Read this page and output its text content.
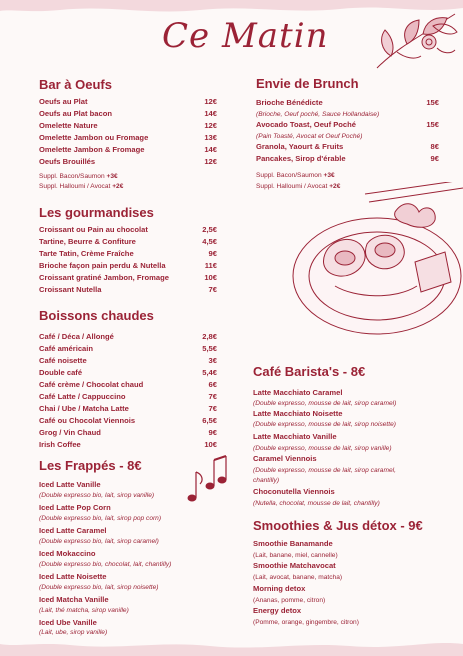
Ce Matin
Bar à Oeufs
Oeufs au Plat	12€
Oeufs au Plat bacon	14€
Omelette Nature	12€
Omelette Jambon ou Fromage	13€
Omelette Jambon & Fromage	14€
Oeufs Brouillés	12€
Suppl. Bacon/Saumon +3€
Suppl. Halloumi / Avocat +2€
Les gourmandises
Croissant ou Pain au chocolat	2,5€
Tartine, Beurre & Confiture	4,5€
Tarte Tatin, Crème Fraîche	9€
Brioche façon pain perdu & Nutella	11€
Croissant gratiné Jambon, Fromage	10€
Croissant Nutella	7€
Boissons chaudes
Café / Déca / Allongé	2,8€
Café américain	5,5€
Café noisette	3€
Double café	5,4€
Café crème / Chocolat chaud	6€
Café Latte / Cappuccino	7€
Chai / Ube / Matcha Latte	7€
Café ou Chocolat Viennois	6,5€
Grog / Vin Chaud	9€
Irish Coffee	10€
Les Frappés - 8€
Iced Latte Vanille
(Double expresso bio, lait, sirop vanille)
Iced Latte Pop Corn
(Double expresso bio, lait, sirop pop corn)
Iced Latte Caramel
(Double expresso bio, lait, sirop caramel)
Iced Mokaccino
(Double expresso bio, chocolat, lait, chantilly)
Iced Latte Noisette
(Double expresso bio, lait, sirop noisette)
Iced Matcha Vanille
(Lait, thé matcha, sirop vanille)
Iced Ube Vanille
(Lait, ube, sirop vanille)
Envie de Brunch
Brioche Bénédicte	15€
(Brioche, Oeuf poché, Sauce Hollandaise)
Avocado Toast, Oeuf Poché	15€
(Pain Toasté, Avocat et Oeuf Poché)
Granola, Yaourt & Fruits	8€
Pancakes, Sirop d'érable	9€
Suppl. Bacon/Saumon +3€
Suppl. Halloumi / Avocat +2€
Café Barista's - 8€
Latte Macchiato Caramel
(Double expresso, mousse de lait, sirop caramel)
Latte Macchiato Noisette
(Double expresso, mousse de lait, sirop noisette)
Latte Macchiato Vanille
(Double expresso, mousse de lait, sirop vanille)
Caramel Viennois
(Double expresso, mousse de lait, sirop caramel,
chantilly)
Choconutella Viennois
(Nutella, chocolat, mousse de lait, chantilly)
Smoothies & Jus détox - 9€
Smoothie Banamande
(Lait, banane, miel, cannelle)
Smoothie Matchavocat
(Lait, avocat, banane, matcha)
Morning detox
(Ananas, pomme, citron)
Energy detox
(Pomme, orange, gingembre, citron)
